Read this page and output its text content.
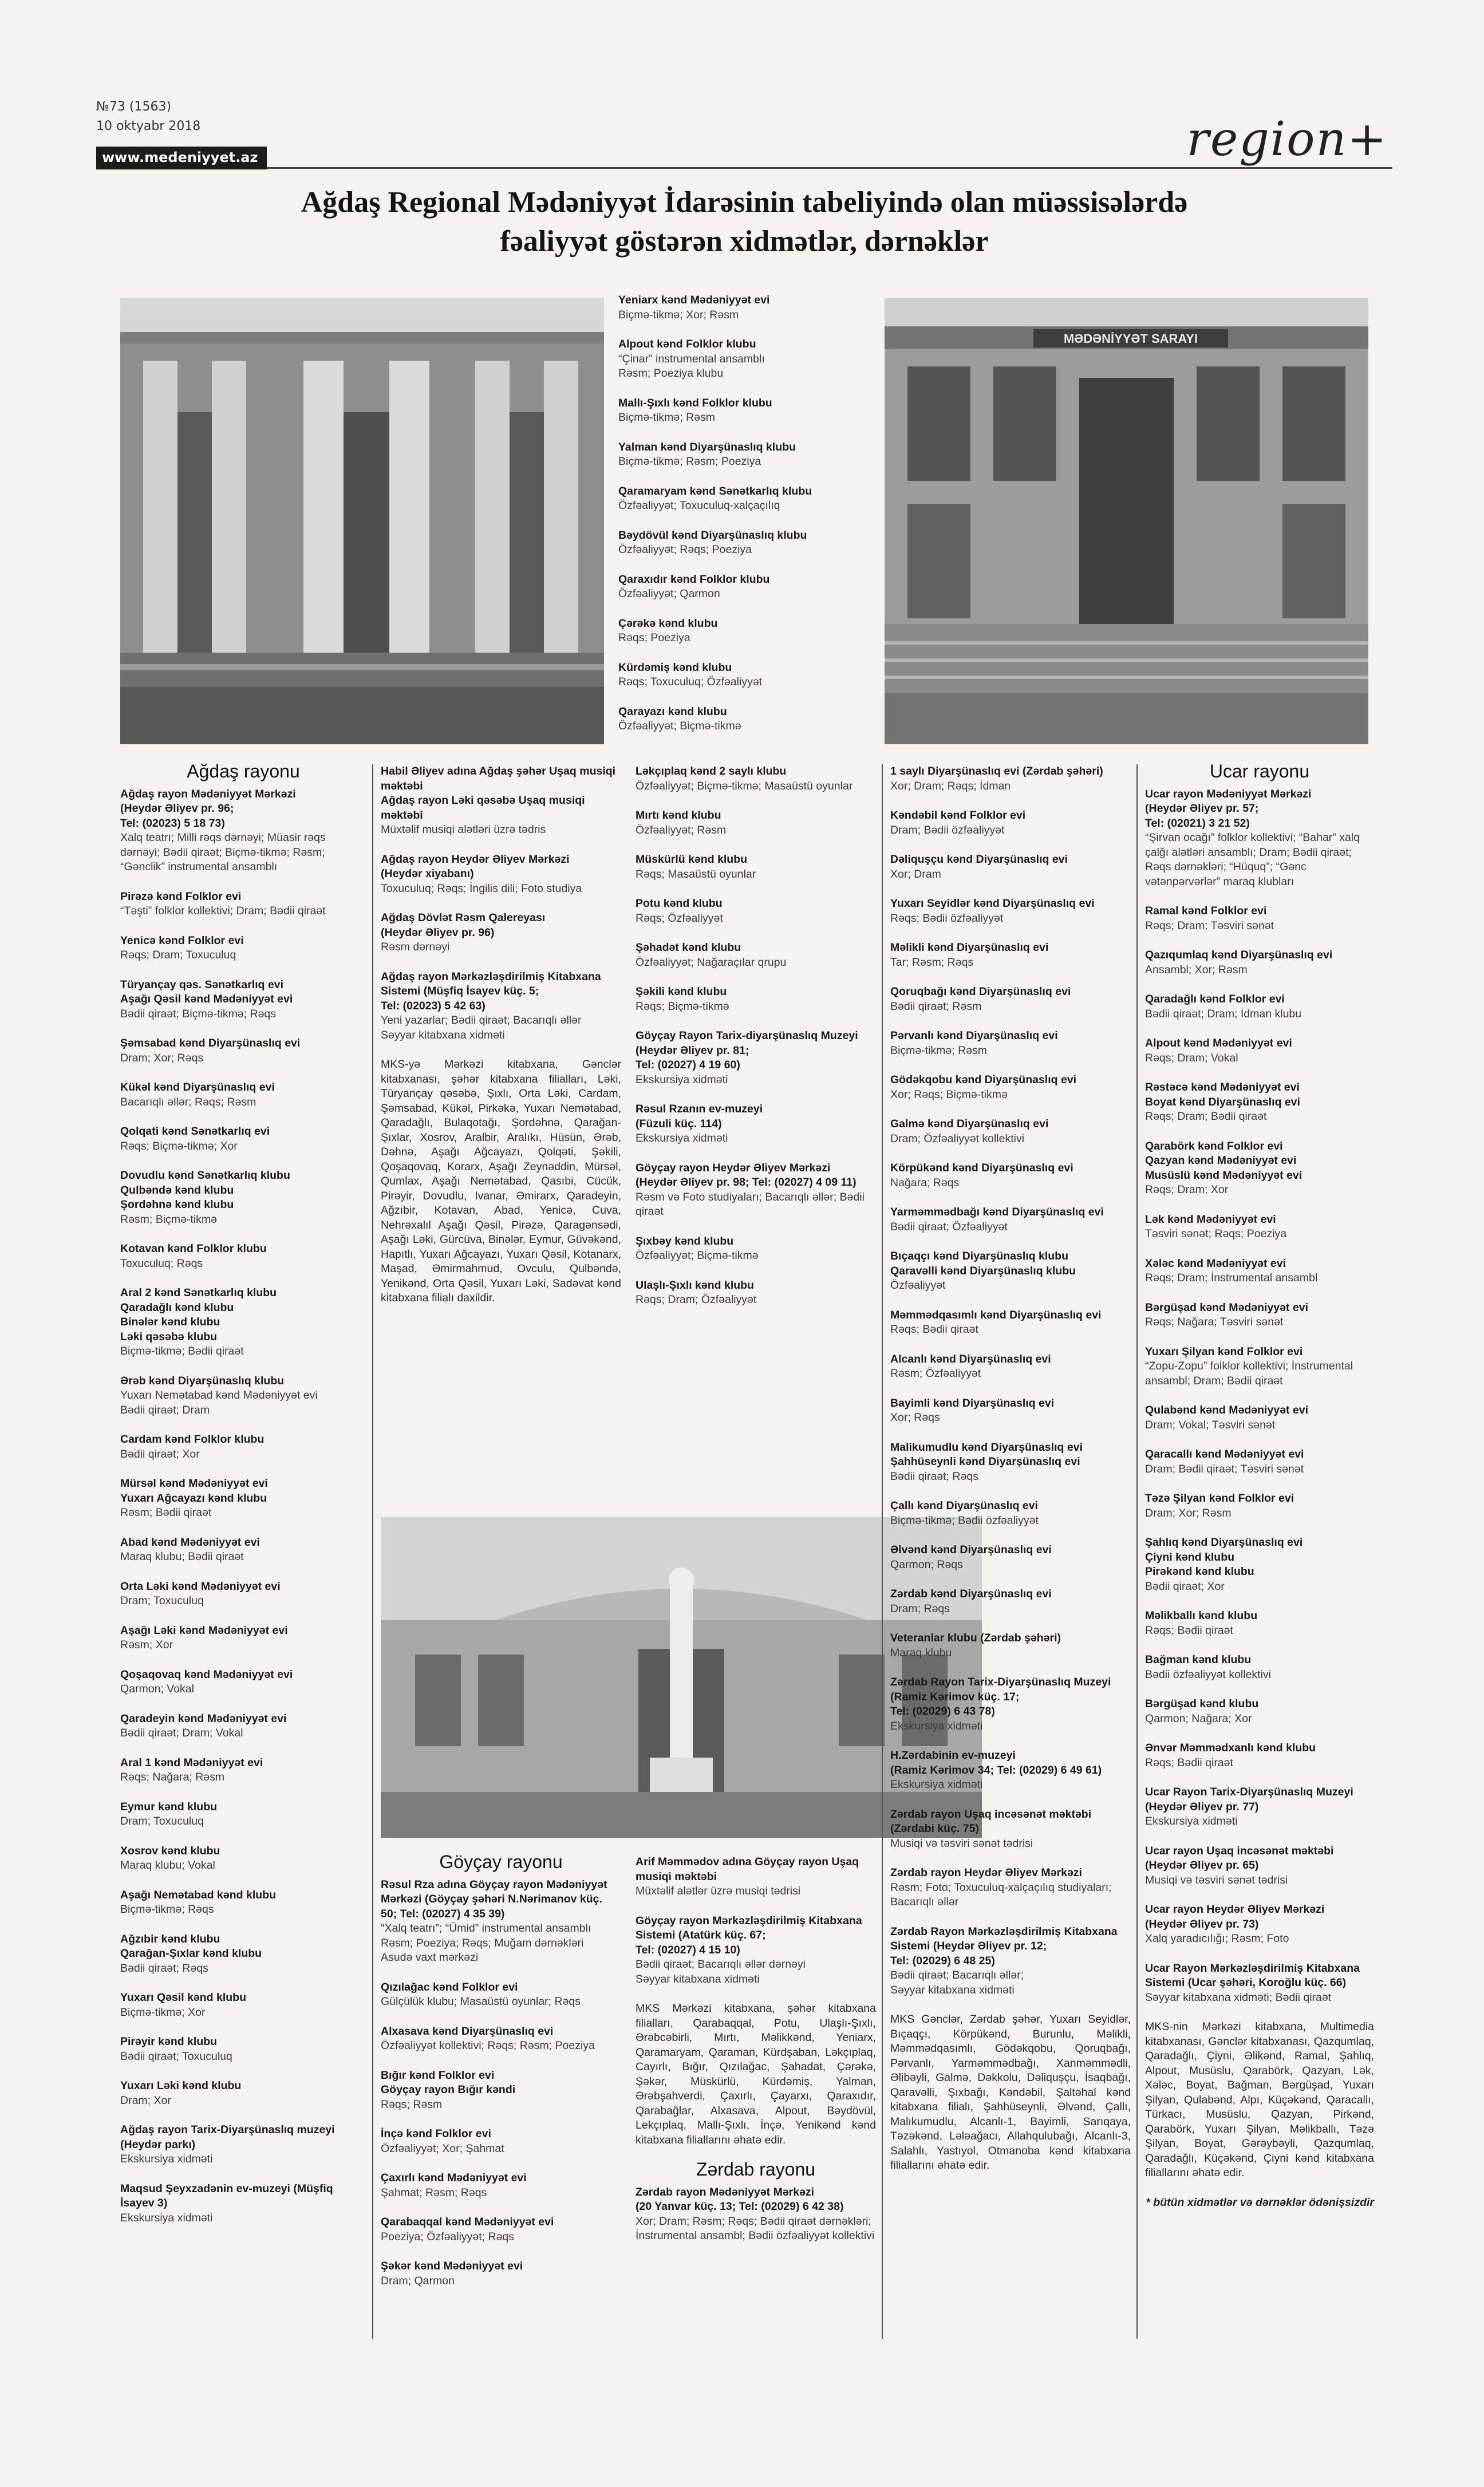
№73 (1563)
10 oktyabr 2018
www.medeniyyet.az	region+
Ağdaş Regional Mədəniyyət İdarəsinin tabeliyində olan müəssisələrdə
fəaliyyət göstərən xidmətlər, dərnəklər
MƏDƏNİYYƏT SARAYI
Yeniarx kənd Mədəniyyət evi
Biçmə-tikmə; Xor; Rəsm
Alpout kənd Folklor klubu
“Çinar” instrumental ansamblı
Rəsm; Poeziya klubu
Mallı-Şıxlı kənd Folklor klubu
Biçmə-tikmə; Rəsm
Yalman kənd Diyarşünaslıq klubu
Biçmə-tikmə; Rəsm; Poeziya
Qaramaryam kənd Sənətkarlıq klubu
Özfəaliyyət; Toxuculuq-xalçaçılıq
Bəydövül kənd Diyarşünaslıq klubu
Özfəaliyyət; Rəqs; Poeziya
Qaraxıdır kənd Folklor klubu
Özfəaliyyət; Qarmon
Çərəkə kənd klubu
Rəqs; Poeziya
Kürdəmiş kənd klubu
Rəqs; Toxuculuq; Özfəaliyyət
Qarayazı kənd klubu
Özfəaliyyət; Biçmə-tikmə
Ağdaş rayonu
Ağdaş rayon Mədəniyyət Mərkəzi
(Heydər Əliyev pr. 96;
Tel: (02023) 5 18 73)
Xalq teatrı; Milli rəqs dərnəyi; Müasir rəqs dərnəyi; Bədii qiraət; Biçmə-tikmə; Rəsm; “Gənclik” instrumental ansamblı
Pirəzə kənd Folklor evi
“Təşti” folklor kollektivi; Dram; Bədii qiraət
Yenicə kənd Folklor evi
Rəqs; Dram; Toxuculuq
Türyançay qəs. Sənətkarlıq evi
Aşağı Qəsil kənd Mədəniyyət evi
Bədii qiraət; Biçmə-tikmə; Rəqs
Şəmsabad kənd Diyarşünaslıq evi
Dram; Xor; Rəqs
Kükəl kənd Diyarşünaslıq evi
Bacarıqlı əllər; Rəqs; Rəsm
Qolqati kənd Sənətkarlıq evi
Rəqs; Biçmə-tikmə; Xor
Dovudlu kənd Sənətkarlıq klubu
Qulbəndə kənd klubu
Şordəhnə kənd klubu
Rəsm; Biçmə-tikmə
Kotavan kənd Folklor klubu
Toxuculuq; Rəqs
Aral 2 kənd Sənətkarlıq klubu
Qaradağlı kənd klubu
Binələr kənd klubu
Ləki qəsəbə klubu
Biçmə-tikmə; Bədii qiraət
Ərəb kənd Diyarşünaslıq klubu
Yuxarı Nemətabad kənd Mədəniyyət evi
Bədii qiraət; Dram
Cardam kənd Folklor klubu
Bədii qiraət; Xor
Mürsəl kənd Mədəniyyət evi
Yuxarı Ağcayazı kənd klubu
Rəsm; Bədii qiraət
Abad kənd Mədəniyyət evi
Maraq klubu; Bədii qiraət
Orta Ləki kənd Mədəniyyət evi
Dram; Toxuculuq
Aşağı Ləki kənd Mədəniyyət evi
Rəsm; Xor
Qoşaqovaq kənd Mədəniyyət evi
Qarmon; Vokal
Qaradeyin kənd Mədəniyyət evi
Bədii qiraət; Dram; Vokal
Aral 1 kənd Mədəniyyət evi
Rəqs; Nağara; Rəsm
Eymur kənd klubu
Dram; Toxuculuq
Xosrov kənd klubu
Maraq klubu; Vokal
Aşağı Nemətabad kənd klubu
Biçmə-tikmə; Rəqs
Ağzıbir kənd klubu
Qarağan-Şıxlar kənd klubu
Bədii qiraət; Rəqs
Yuxarı Qəsil kənd klubu
Biçmə-tikmə; Xor
Pirəyir kənd klubu
Bədii qiraət; Toxuculuq
Yuxarı Ləki kənd klubu
Dram; Xor
Ağdaş rayon Tarix-Diyarşünaslıq muzeyi (Heydər parkı)
Ekskursiya xidməti
Maqsud Şeyxzadənin ev-muzeyi (Müşfiq İsayev 3)
Ekskursiya xidməti
Habil Əliyev adına Ağdaş şəhər Uşaq musiqi məktəbi
Ağdaş rayon Ləki qəsəbə Uşaq musiqi məktəbi
Müxtəlif musiqi alətləri üzrə tədris
Ağdaş rayon Heydər Əliyev Mərkəzi
(Heydər xiyabanı)
Toxuculuq; Rəqs; İngilis dili; Foto studiya
Ağdaş Dövlət Rəsm Qalereyası
(Heydər Əliyev pr. 96)
Rəsm dərnəyi
Ağdaş rayon Mərkəzləşdirilmiş Kitabxana Sistemi (Müşfiq İsayev küç. 5;
Tel: (02023) 5 42 63)
Yeni yazarlar; Bədii qiraət; Bacarıqlı əllər
Səyyar kitabxana xidməti
MKS-yə Mərkəzi kitabxana, Gənclər kitabxanası, şəhər kitabxana filialları, Ləki, Türyançay qəsəbə, Şıxlı, Orta Ləki, Cardam, Şəmsabad, Kükəl, Pirkəkə, Yuxarı Nemətabad, Qaradağlı, Bulaqotağı, Şordəhnə, Qarağan-Şıxlar, Xosrov, Aralbir, Aralıkı, Hüsün, Ərəb, Dəhnə, Aşağı Ağcayazı, Qolqəti, Şəkili, Qoşaqovaq, Korarx, Aşağı Zeynəddin, Mürsəl, Qumlax, Aşağı Nemətabad, Qasıbi, Cücük, Pirəyir, Dovudlu, Ivanar, Əmirarx, Qaradeyin, Ağzıbir, Kotavan, Abad, Yenicə, Cuva, Nehrəxalıl Aşağı Qəsil, Pirəzə, Qaragənsədi, Aşağı Ləki, Gürcüva, Binələr, Eymur, Güvəkənd, Hapıtlı, Yuxarı Ağcayazı, Yuxarı Qəsil, Kotanarx, Maşad, Əmirmahmud, Ovculu, Qulbəndə, Yenikənd, Orta Qəsil, Yuxarı Ləki, Sadəvat kənd kitabxana filialı daxildir.
Ləkçıplaq kənd 2 saylı klubu
Özfəaliyyət; Biçmə-tikmə; Masaüstü oyunlar
Mırtı kənd klubu
Özfəaliyyət; Rəsm
Müskürlü kənd klubu
Rəqs; Masaüstü oyunlar
Potu kənd klubu
Rəqs; Özfəaliyyət
Şəhadət kənd klubu
Özfəaliyyət; Nağaraçılar qrupu
Şəkili kənd klubu
Rəqs; Biçmə-tikmə
Göyçay Rayon Tarix-diyarşünaslıq Muzeyi (Heydər Əliyev pr. 81;
Tel: (02027) 4 19 60)
Ekskursiya xidməti
Rəsul Rzanın ev-muzeyi
(Füzuli küç. 114)
Ekskursiya xidməti
Göyçay rayon Heydər Əliyev Mərkəzi
(Heydər Əliyev pr. 98; Tel: (02027) 4 09 11)
Rəsm və Foto studiyaları; Bacarıqlı əllər; Bədii qiraət
Şıxbəy kənd klubu
Özfəaliyyət; Biçmə-tikmə
Ulaşlı-Şıxlı kənd klubu
Rəqs; Dram; Özfəaliyyət
Göyçay rayonu
Rəsul Rza adına Göyçay rayon Mədəniyyət Mərkəzi (Göyçay şəhəri N.Nərimanov küç. 50; Tel: (02027) 4 35 39)
“Xalq teatrı”; “Ümid” instrumental ansamblı
Rəsm; Poeziya; Rəqs; Muğam dərnəkləri
Asudə vaxt mərkəzi
Qızılağac kənd Folklor evi
Gülçülük klubu; Masaüstü oyunlar; Rəqs
Alxasava kənd Diyarşünaslıq evi
Özfəaliyyət kollektivi; Rəqs; Rəsm; Poeziya
Bığır kənd Folklor evi
Göyçay rayon Bığır kəndi
Rəqs; Rəsm
İnçə kənd Folklor evi
Özfəaliyyət; Xor; Şahmat
Çaxırlı kənd Mədəniyyət evi
Şahmat; Rəsm; Rəqs
Qarabaqqal kənd Mədəniyyət evi
Poeziya; Özfəaliyyət; Rəqs
Şəkər kənd Mədəniyyət evi
Dram; Qarmon
Arif Məmmədov adına Göyçay rayon Uşaq musiqi məktəbi
Müxtəlif alətlər üzrə musiqi tədrisi
Göyçay rayon Mərkəzləşdirilmiş Kitabxana Sistemi (Atatürk küç. 67;
Tel: (02027) 4 15 10)
Bədii qiraət; Bacarıqlı əllər dərnəyi
Səyyar kitabxana xidməti
MKS Mərkəzi kitabxana, şəhər kitabxana filialları, Qarabaqqal, Potu, Ulaşlı-Şıxlı, Ərəbcəbirli, Mırtı, Məlikkənd, Yeniarx, Qaramaryam, Qaraman, Kürdşaban, Ləkçıplaq, Cayırlı, Bığır, Qızılağac, Şahadat, Çərəkə, Şəkər, Müskürlü, Kürdəmiş, Yalman, Ərəbşahverdi, Çaxırlı, Çayarxı, Qaraxıdır, Qarabağlar, Alxasava, Alpout, Bəydövül, Lekçıplaq, Mallı-Şıxlı, İnçə, Yenikənd kənd kitabxana filiallarını əhatə edir.
Zərdab rayonu
Zərdab rayon Mədəniyyət Mərkəzi
(20 Yanvar küç. 13; Tel: (02029) 6 42 38)
Xor; Dram; Rəsm; Rəqs; Bədii qiraət dərnəkləri; İnstrumental ansambl; Bədii özfəaliyyət kollektivi
1 saylı Diyarşünaslıq evi (Zərdab şəhəri)
Xor; Dram; Rəqs; İdman
Kəndəbil kənd Folklor evi
Dram; Bədii özfəaliyyət
Dəliquşçu kənd Diyarşünaslıq evi
Xor; Dram
Yuxarı Seyidlər kənd Diyarşünaslıq evi
Rəqs; Bədii özfəaliyyət
Məlikli kənd Diyarşünaslıq evi
Tar; Rəsm; Rəqs
Qoruqbağı kənd Diyarşünaslıq evi
Bədii qiraət; Rəsm
Pərvanlı kənd Diyarşünaslıq evi
Biçmə-tikmə; Rəsm
Gödəkqobu kənd Diyarşünaslıq evi
Xor; Rəqs; Biçmə-tikmə
Galmə kənd Diyarşünaslıq evi
Dram; Özfəaliyyət kollektivi
Körpükənd kənd Diyarşünaslıq evi
Nağara; Rəqs
Yarməmmədbağı kənd Diyarşünaslıq evi
Bədii qiraət; Özfəaliyyət
Bıçaqçı kənd Diyarşünaslıq klubu
Qaravəlli kənd Diyarşünaslıq klubu
Özfəaliyyət
Məmmədqasımlı kənd Diyarşünaslıq evi
Rəqs; Bədii qiraət
Alcanlı kənd Diyarşünaslıq evi
Rəsm; Özfəaliyyət
Bayimli kənd Diyarşünaslıq evi
Xor; Rəqs
Malikumudlu kənd Diyarşünaslıq evi
Şahhüseynli kənd Diyarşünaslıq evi
Bədii qiraət; Rəqs
Çallı kənd Diyarşünaslıq evi
Biçmə-tikmə; Bədii özfəaliyyət
Əlvənd kənd Diyarşünaslıq evi
Qarmon; Rəqs
Zərdab kənd Diyarşünaslıq evi
Dram; Rəqs
Veteranlar klubu (Zərdab şəhəri)
Maraq klubu
Zərdab Rayon Tarix-Diyarşünaslıq Muzeyi (Ramiz Kərimov küç. 17;
Tel: (02029) 6 43 78)
Ekskursiya xidməti
H.Zərdabinin ev-muzeyi
(Ramiz Kərimov 34; Tel: (02029) 6 49 61)
Ekskursiya xidməti
Zərdab rayon Uşaq incəsənət məktəbi
(Zərdabi küç. 75)
Musiqi və təsviri sənət tədrisi
Zərdab rayon Heydər Əliyev Mərkəzi
Rəsm; Foto; Toxuculuq-xalçaçılıq studiyaları; Bacarıqlı əllər
Zərdab Rayon Mərkəzləşdirilmiş Kitabxana Sistemi (Heydər Əliyev pr. 12;
Tel: (02029) 6 48 25)
Bədii qiraət; Bacarıqlı əllər;
Səyyar kitabxana xidməti
MKS Gənclər, Zərdab şəhər, Yuxarı Seyidlər, Bıçaqçı, Körpükənd, Burunlu, Məlikli, Məmmədqasımlı, Gödəkqobu, Qoruqbağı, Pərvanlı, Yarməmmədbağı, Xanməmmədli, Əlibəyli, Galmə, Dəkkolu, Dəliquşçu, İsaqbağı, Qaravəlli, Şıxbağı, Kəndəbil, Şaltəhal kənd kitabxana filialı, Şahhüseynli, Əlvənd, Çallı, Malıkumudlu, Alcanlı-1, Bayimli, Sarıqaya, Təzəkənd, Lələağacı, Allahqulubağı, Alcanlı-3, Salahlı, Yastıyol, Otmanoba kənd kitabxana filiallarını əhatə edir.
Ucar rayonu
Ucar rayon Mədəniyyət Mərkəzi
(Heydər Əliyev pr. 57;
Tel: (02021) 3 21 52)
“Şirvan ocağı” folklor kollektivi; “Bahar” xalq çalğı alətləri ansamblı; Dram; Bədii qiraət; Rəqs dərnəkləri; “Hüquq”; “Gənc vətənpərvərlər” maraq klubları
Ramal kənd Folklor evi
Rəqs; Dram; Təsviri sənət
Qazıqumlaq kənd Diyarşünaslıq evi
Ansambl; Xor; Rəsm
Qaradağlı kənd Folklor evi
Bədii qiraət; Dram; İdman klubu
Alpout kənd Mədəniyyət evi
Rəqs; Dram; Vokal
Rəstəcə kənd Mədəniyyət evi
Boyat kənd Diyarşünaslıq evi
Rəqs; Dram; Bədii qiraət
Qarabörk kənd Folklor evi
Qazyan kənd Mədəniyyət evi
Musüslü kənd Mədəniyyət evi
Rəqs; Dram; Xor
Lək kənd Mədəniyyət evi
Təsviri sənət; Rəqs; Poeziya
Xələc kənd Mədəniyyət evi
Rəqs; Dram; İnstrumental ansambl
Bərgüşad kənd Mədəniyyət evi
Rəqs; Nağara; Təsviri sənət
Yuxarı Şilyan kənd Folklor evi
“Zopu-Zopu” folklor kollektivi; İnstrumental ansambl; Dram; Bədii qiraət
Qulabənd kənd Mədəniyyət evi
Dram; Vokal; Təsviri sənət
Qaracallı kənd Mədəniyyət evi
Dram; Bədii qiraət; Təsviri sənət
Təzə Şilyan kənd Folklor evi
Dram; Xor; Rəsm
Şahlıq kənd Diyarşünaslıq evi
Çiyni kənd klubu
Pirəkənd kənd klubu
Bədii qiraət; Xor
Məlikballı kənd klubu
Rəqs; Bədii qiraət
Bağman kənd klubu
Bədii özfəaliyyət kollektivi
Bərgüşad kənd klubu
Qarmon; Nağara; Xor
Ənvər Məmmədxanlı kənd klubu
Rəqs; Bədii qiraət
Ucar Rayon Tarix-Diyarşünaslıq Muzeyi
(Heydər Əliyev pr. 77)
Ekskursiya xidməti
Ucar rayon Uşaq incəsənət məktəbi
(Heydər Əliyev pr. 65)
Musiqi və təsviri sənət tədrisi
Ucar rayon Heydər Əliyev Mərkəzi
(Heydər Əliyev pr. 73)
Xalq yaradıcılığı; Rəsm; Foto
Ucar Rayon Mərkəzləşdirilmiş Kitabxana Sistemi (Ucar şəhəri, Koroğlu küç. 66)
Səyyar kitabxana xidməti; Bədii qiraət
MKS-nin Mərkəzi kitabxana, Multimedia kitabxanası, Gənclər kitabxanası, Qazqumlaq, Qaradağlı, Çiyni, Əlikənd, Ramal, Şahlıq, Alpout, Musüslu, Qarabörk, Qazyan, Lək, Xələc, Boyat, Bağman, Bərgüşad, Yuxarı Şilyan, Qulabənd, Alpı, Küçəkənd, Qaracallı, Türkacı, Musüslu, Qazyan, Pirkənd, Qarabörk, Yuxarı Şilyan, Məlikballı, Təzə Şilyan, Boyat, Gərəybəyli, Qazqumlaq, Qaradağlı, Küçəkənd, Çiyni kənd kitabxana filiallarını əhatə edir.
* bütün xidmətlər və dərnəklər ödənişsizdir
